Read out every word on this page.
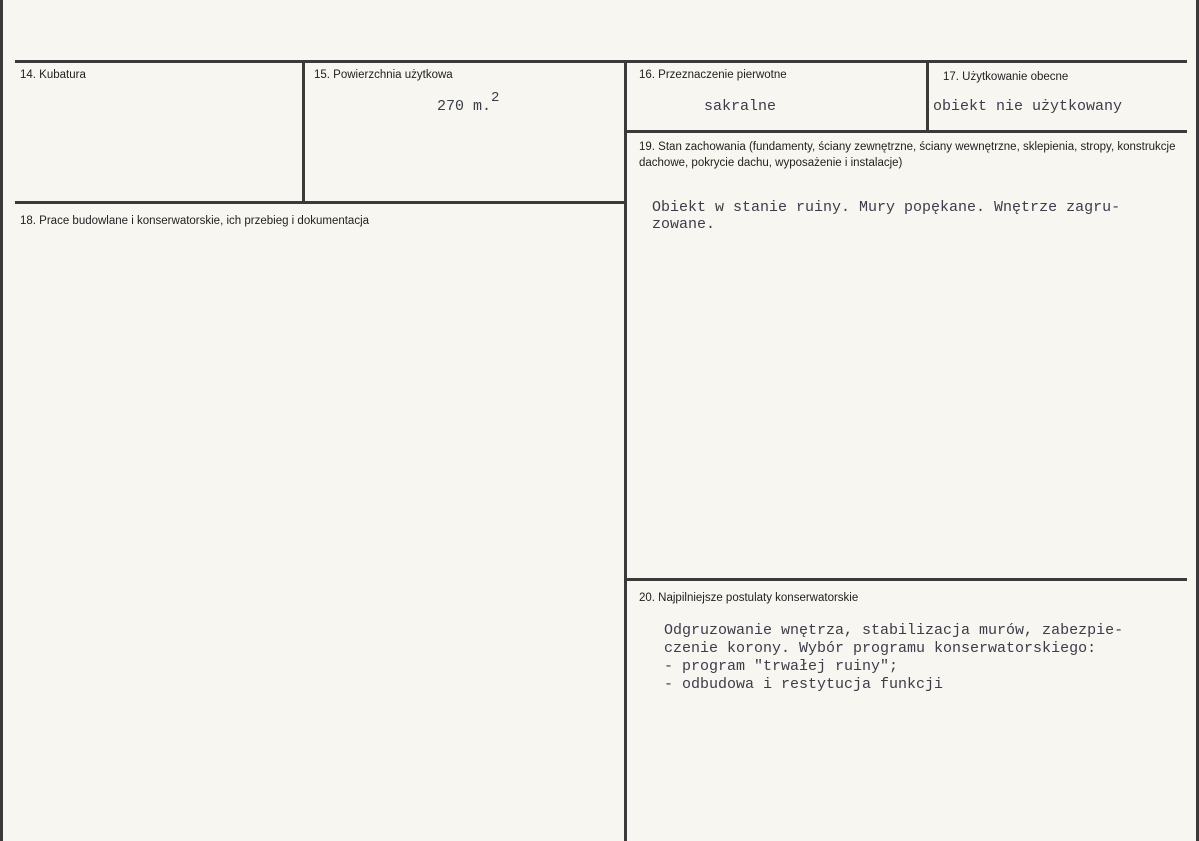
14. Kubatura	15. Powierzchnia użytkowa
270 m.2
16. Przeznaczenie pierwotne
sakralne
17. Użytkowanie obecne
obiekt nie użytkowany
19. Stan zachowania (fundamenty, ściany zewnętrzne, ściany wewnętrzne, sklepienia, stropy, konstrukcje dachowe, pokrycie dachu, wyposażenie i instalacje)
Obiekt w stanie ruiny. Mury popękane. Wnętrze zagru-
zowane.
18. Prace budowlane i konserwatorskie, ich przebieg i dokumentacja
20. Najpilniejsze postulaty konserwatorskie
Odgruzowanie wnętrza, stabilizacja murów, zabezpie-
czenie korony. Wybór programu konserwatorskiego:
- program "trwałej ruiny";
- odbudowa i restytucja funkcji
